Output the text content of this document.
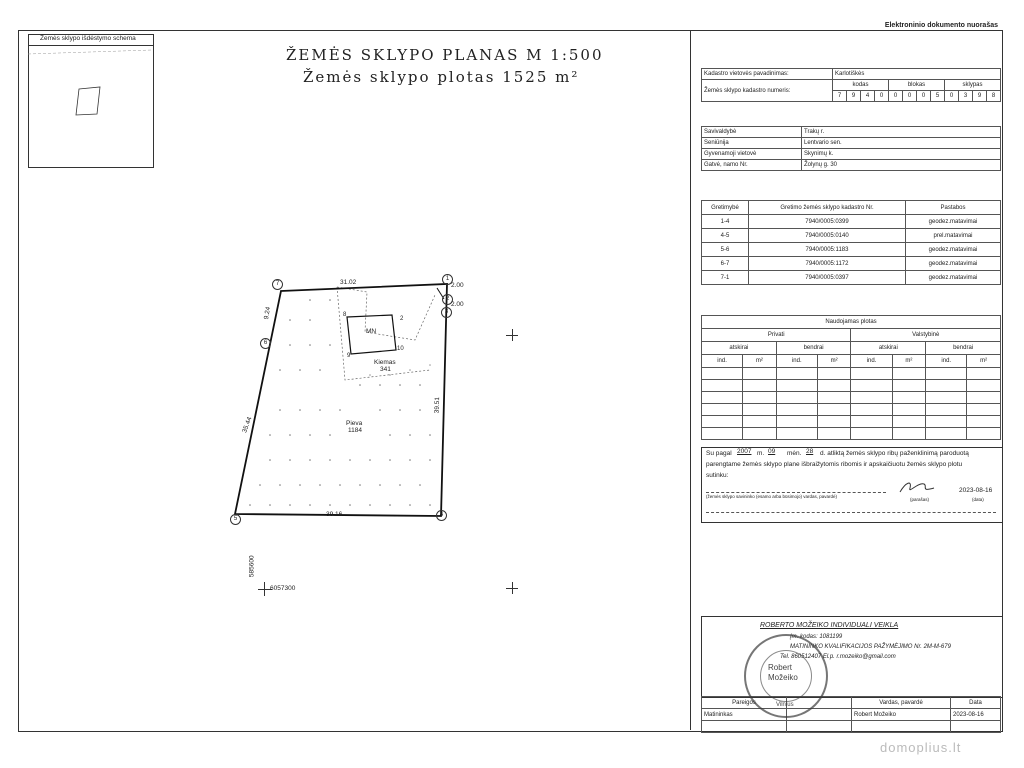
Elektroninio dokumento nuorašas
Žemės sklypo išdėstymo schema
ŽEMĖS SKLYPO PLANAS M 1:500
Žemės sklypo plotas 1525 m²
1
2
3
4
5
6
7	31.02	2.00
2.00
9.24
35.44
39.51
39.16
MN
8
9
10
2
Kiemas
341
Pieva
1184
585600
6057300
Kadastro vietovės pavadinimas:	Karlotiškės											
Žemės sklypo kadastro numeris:	kodas				blokas				sklypas			
	7	9	4	0	0	0	0	5	0	3	9	8
Savivaldybė	Trakų r.
Seniūnija	Lentvario sen.
Gyvenamoji vietovė	Skynimų k.
Gatvė, namo Nr.	Žolynų g. 30
Gretimybė	Gretimo žemės sklypo kadastro Nr.	Pastabos
1-4	7940/0005:0399	geodez.matavimai
4-5	7940/0005:0140	prel.matavimai
5-6	7940/0005:1183	geodez.matavimai
6-7	7940/0005:1172	geodez.matavimai
7-1	7940/0005:0397	geodez.matavimai
Naudojamas plotas							
Privati				Valstybinė			
atskirai		bendrai		atskirai		bendrai	
ind.	m²	ind.	m²	ind.	m²	ind.	m²

Su pagal 2007 m. 09 mėn. 28 d. atliktą žemės sklypo ribų paženklinimą paroduotą
parengtame žemės sklypo plane išbraižytomis ribomis ir apskaičiuotu žemės sklypo plotu
sutinku:
(žemės sklypo savininko (esamo arba būsimojo) vardas, pavardė)
(parašas)
2023-08-16
(data)
ROBERTO MOŽEIKO INDIVIDUALI VEIKLA
Įm. kodas: 1081199
MATININKO KVALIFIKACIJOS PAŽYMĖJIMO Nr. 2M-M-679
Tel. 860512407 El.p. r.mozeiko@gmail.com
Pareigos		Vardas, pavardė	Data
Matininkas		Robert Možeiko	2023-08-16

Robert
Možeiko
Vilnius
domoplius.lt
